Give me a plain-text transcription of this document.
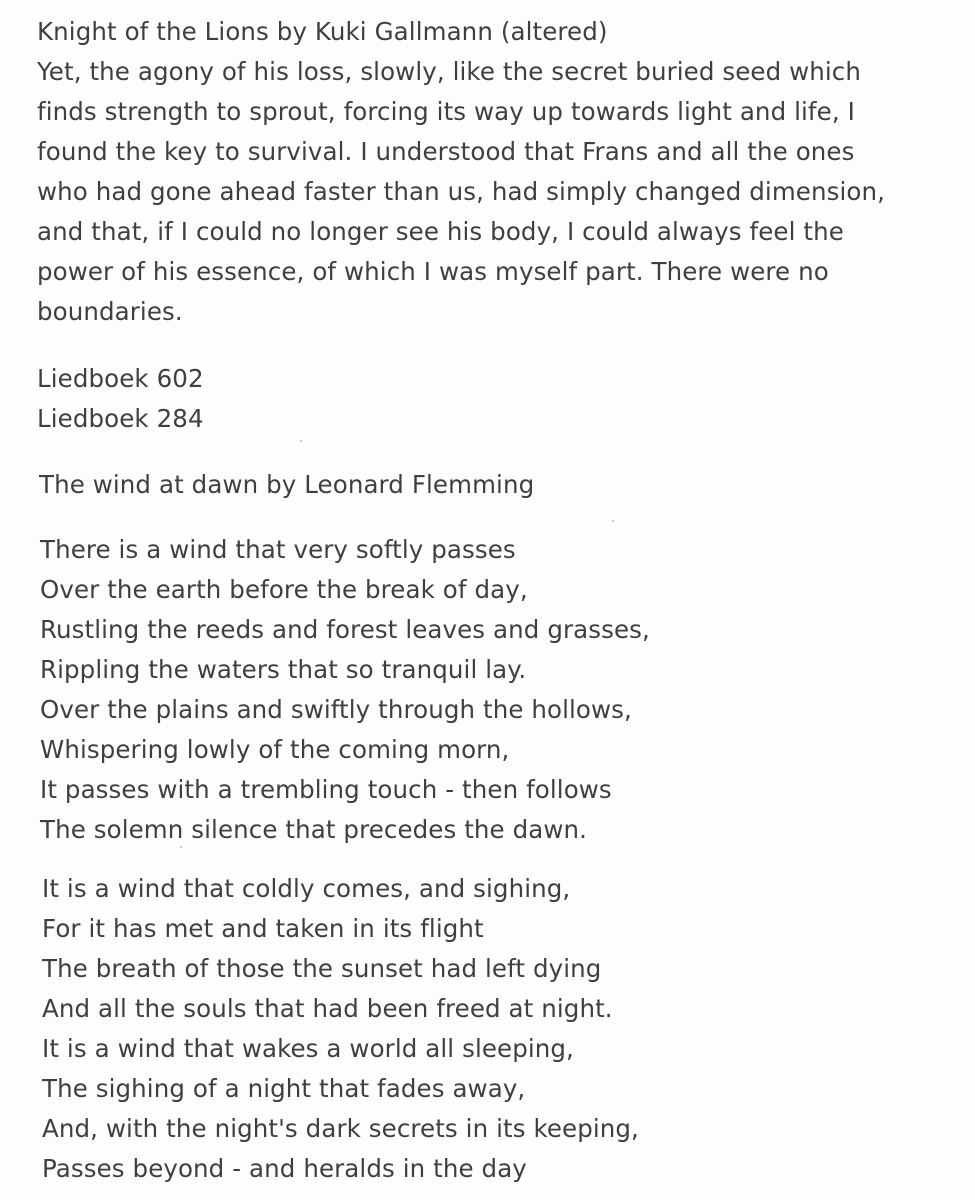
Knight of the Lions by Kuki Gallmann (altered)
Yet, the agony of his loss, slowly, like the secret buried seed which
finds strength to sprout, forcing its way up towards light and life, I
found the key to survival. I understood that Frans and all the ones
who had gone ahead faster than us, had simply changed dimension,
and that, if I could no longer see his body, I could always feel the
power of his essence, of which I was myself part. There were no
boundaries.
Liedboek 602
Liedboek 284
The wind at dawn by Leonard Flemming
There is a wind that very softly passes
Over the earth before the break of day,
Rustling the reeds and forest leaves and grasses,
Rippling the waters that so tranquil lay.
Over the plains and swiftly through the hollows,
Whispering lowly of the coming morn,
It passes with a trembling touch - then follows
The solemn silence that precedes the dawn.
It is a wind that coldly comes, and sighing,
For it has met and taken in its flight
The breath of those the sunset had left dying
And all the souls that had been freed at night.
It is a wind that wakes a world all sleeping,
The sighing of a night that fades away,
And, with the night's dark secrets in its keeping,
Passes beyond - and heralds in the day
